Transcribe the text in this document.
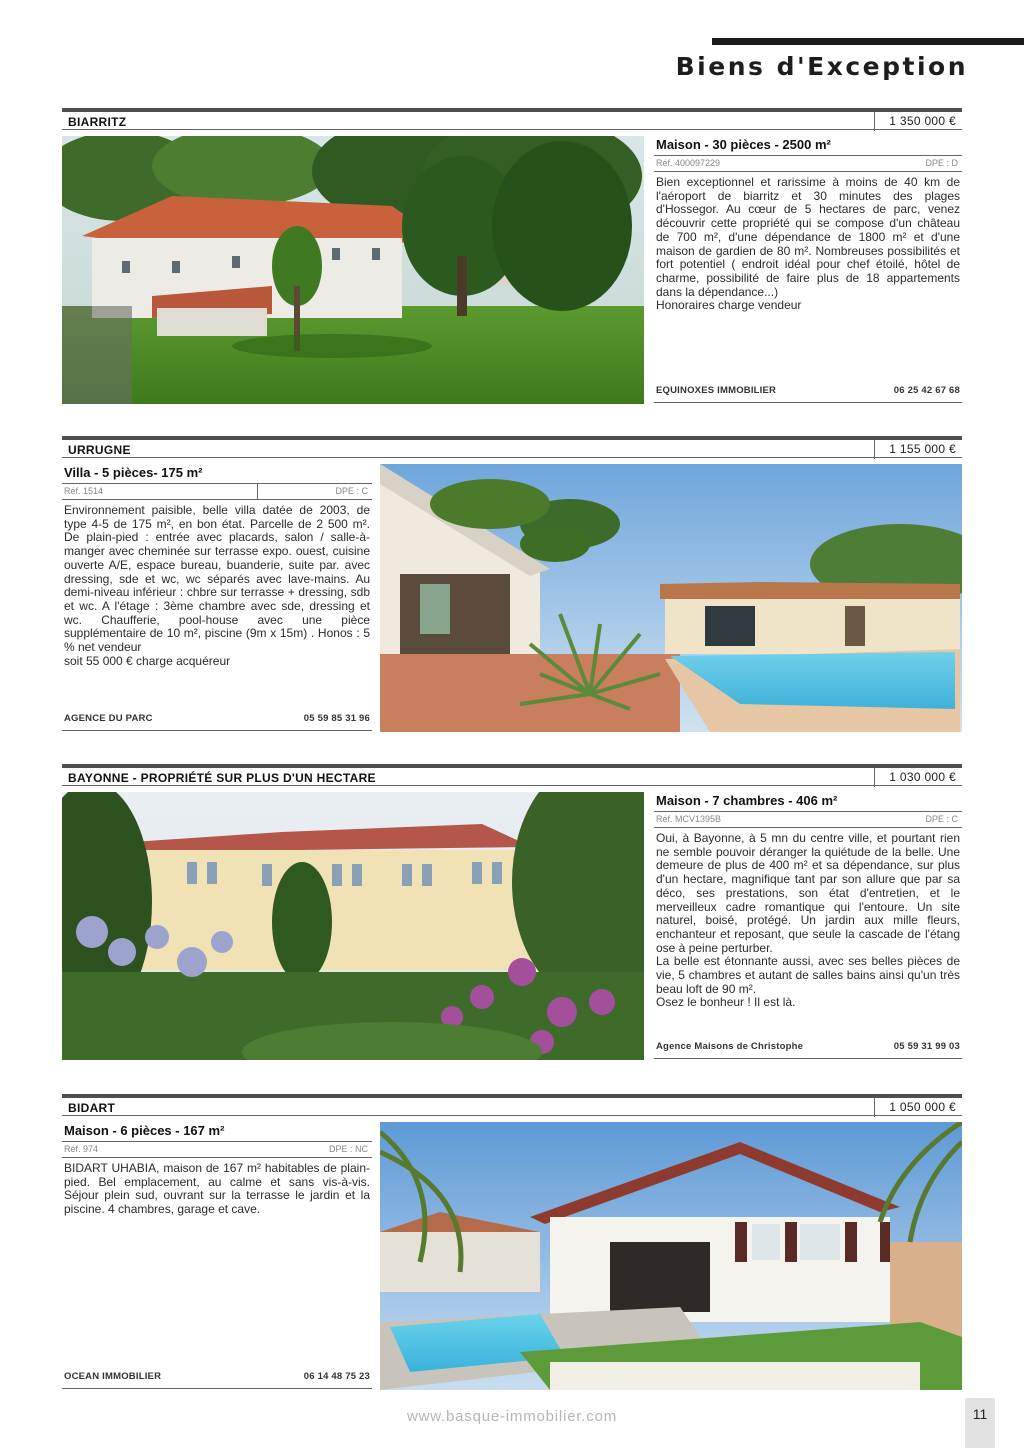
Biens d'Exception
BIARRITZ	1 350 000 €
Maison - 30 pièces - 2500 m²
Réf. 400097229	DPE : D
Bien exceptionnel et rarissime à moins de 40 km de l'aéroport de biarritz et 30 minutes des plages d'Hossegor. Au cœur de 5 hectares de parc, venez découvrir cette propriété qui se compose d'un château de 700 m², d'une dépendance de 1800 m² et d'une maison de gardien de 80 m². Nombreuses possibilités et fort potentiel ( endroit idéal pour chef étoilé, hôtel de charme, possibilité de faire plus de 18 appartements dans la dépendance...)
Honoraires charge vendeur
EQUINOXES IMMOBILIER	06 25 42 67 68
URRUGNE	1 155 000 €
Villa - 5 pièces- 175 m²
Réf. 1514	DPE : C
Environnement paisible, belle villa datée de 2003, de type 4-5 de 175 m², en bon état. Parcelle de 2 500 m². De plain-pied : entrée avec placards, salon / salle-à-manger avec cheminée sur terrasse expo. ouest, cuisine ouverte A/E, espace bureau, buanderie, suite par. avec dressing, sde et wc, wc séparés avec lave-mains. Au demi-niveau inférieur : chbre sur terrasse + dressing, sdb et wc. A l'étage : 3ème chambre avec sde, dressing et wc. Chaufferie, pool-house avec une pièce supplémentaire de 10 m², piscine (9m x 15m) . Honos : 5 % net vendeur
soit 55 000 € charge acquéreur
AGENCE DU PARC	05 59 85 31 96
BAYONNE - PROPRIÉTÉ SUR PLUS D'UN HECTARE	1 030 000 €
Maison - 7 chambres - 406 m²
Réf. MCV1395B	DPE : C
Oui, à Bayonne, à 5 mn du centre ville, et pourtant rien ne semble pouvoir déranger la quiétude de la belle. Une demeure de plus de 400 m² et sa dépendance, sur plus d'un hectare, magnifique tant par son allure que par sa déco, ses prestations, son état d'entretien, et le merveilleux cadre romantique qui l'entoure. Un site naturel, boisé, protégé. Un jardin aux mille fleurs, enchanteur et reposant, que seule la cascade de l'étang ose à peine perturber.
La belle est étonnante aussi, avec ses belles pièces de vie, 5 chambres et autant de salles bains ainsi qu'un très beau loft de 90 m².
Osez le bonheur ! Il est là.
Agence Maisons de Christophe	05 59 31 99 03
BIDART	1 050 000 €
Maison - 6 pièces - 167 m²
Réf. 974	DPE : NC
BIDART UHABIA, maison de 167 m² habitables de plain-pied. Bel emplacement, au calme et sans vis-à-vis. Séjour plein sud, ouvrant sur la terrasse le jardin et la piscine. 4 chambres, garage et cave.
OCEAN IMMOBILIER	06 14 48 75 23
www.basque-immobilier.com	11
